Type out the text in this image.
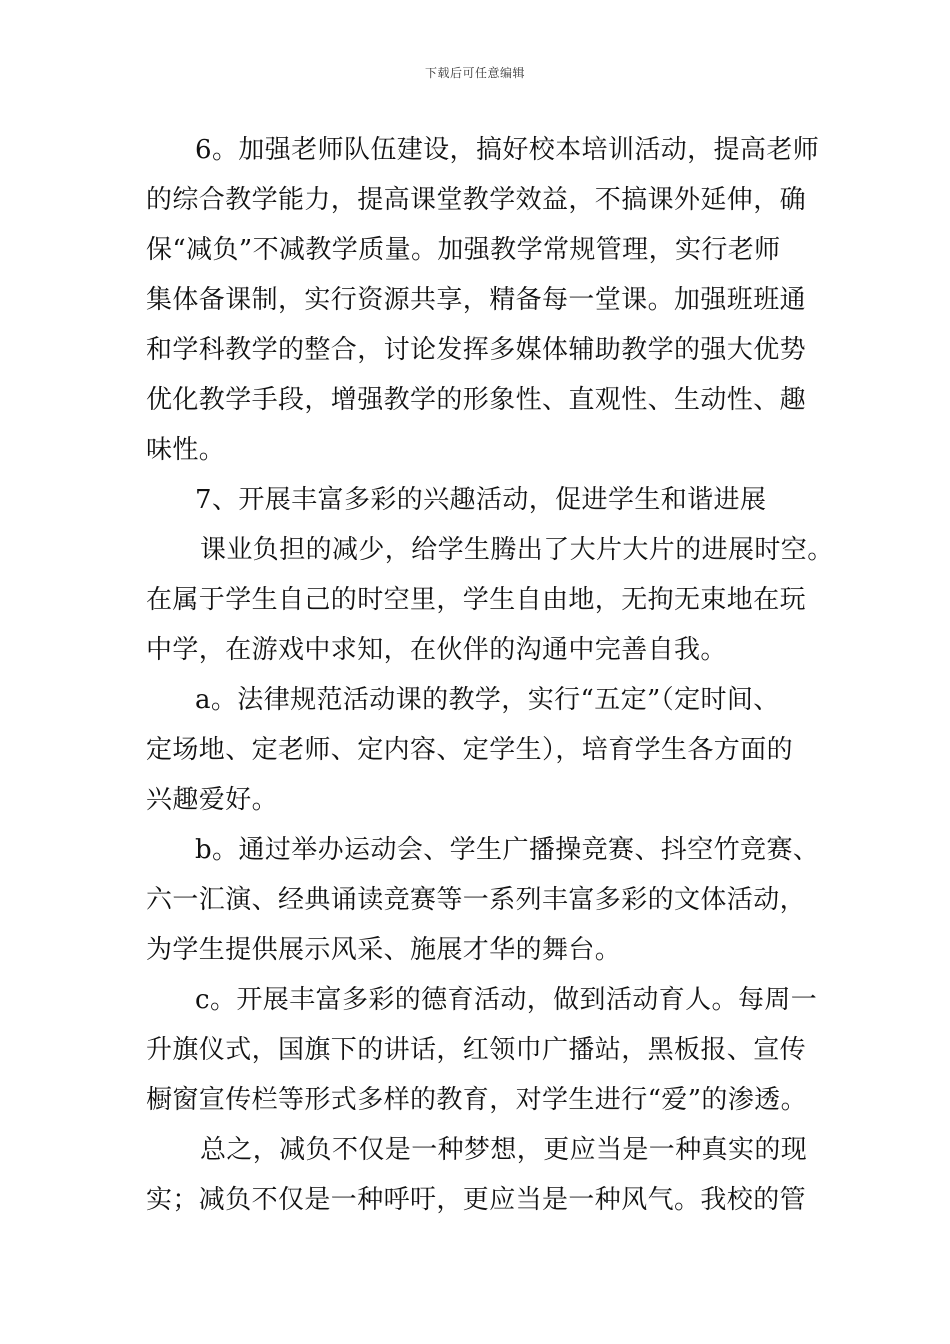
下载后可任意编辑
6。加强老师队伍建设，搞好校本培训活动，提高老师
的综合教学能力，提高课堂教学效益，不搞课外延伸，确
保“减负”不减教学质量。加强教学常规管理，实行老师
集体备课制，实行资源共享，精备每一堂课。加强班班通
和学科教学的整合，讨论发挥多媒体辅助教学的强大优势
优化教学手段，增强教学的形象性、直观性、生动性、趣
味性。
7、开展丰富多彩的兴趣活动，促进学生和谐进展
课业负担的减少，给学生腾出了大片大片的进展时空。
在属于学生自己的时空里，学生自由地，无拘无束地在玩
中学，在游戏中求知，在伙伴的沟通中完善自我。
a。法律规范活动课的教学，实行“五定”（定时间、
定场地、定老师、定内容、定学生），培育学生各方面的
兴趣爱好。
b。通过举办运动会、学生广播操竞赛、抖空竹竞赛、
六一汇演、经典诵读竞赛等一系列丰富多彩的文体活动，
为学生提供展示风采、施展才华的舞台。
c。开展丰富多彩的德育活动，做到活动育人。每周一
升旗仪式，国旗下的讲话，红领巾广播站，黑板报、宣传
橱窗宣传栏等形式多样的教育，对学生进行“爱”的渗透。
总之，减负不仅是一种梦想，更应当是一种真实的现
实；减负不仅是一种呼吁，更应当是一种风气。我校的管
